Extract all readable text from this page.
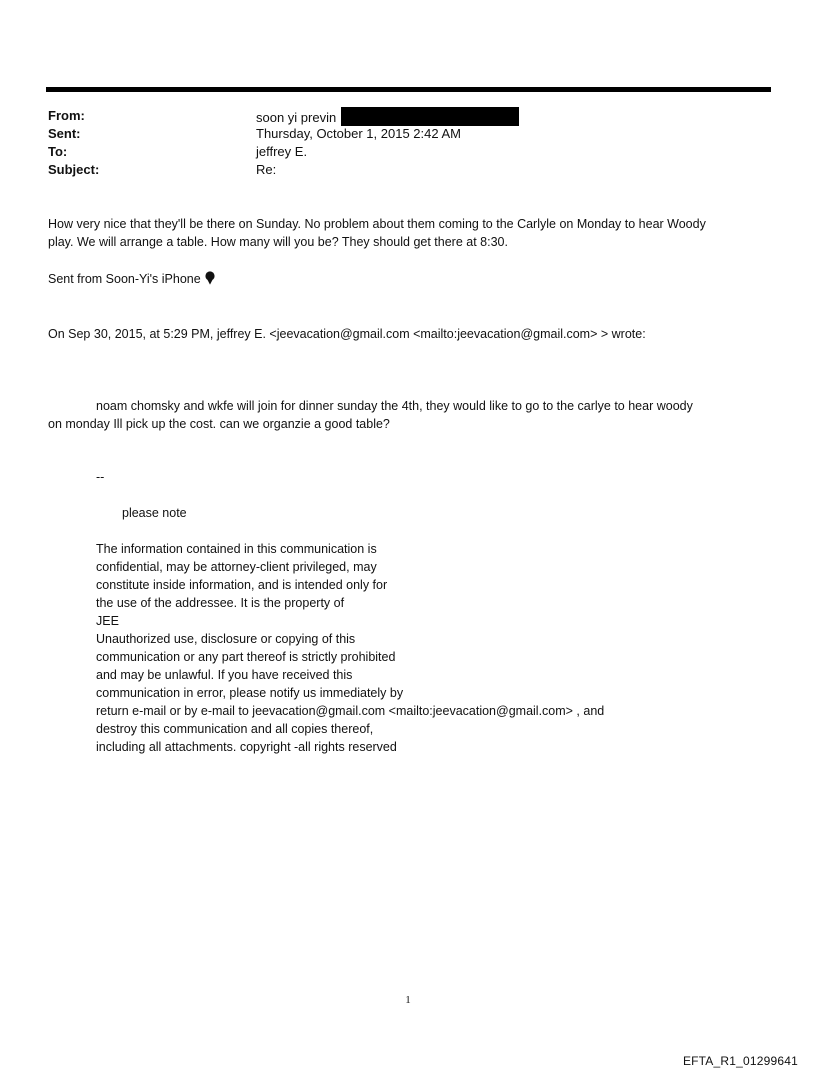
From:	soon yi previn
Sent:	Thursday, October 1, 2015 2:42 AM
To:	jeffrey E.
Subject:	Re:
How very nice that they'll be there on Sunday. No problem about them coming to the Carlyle on Monday to hear Woody
play. We will arrange a table. How many will you be? They should get there at 8:30.
Sent from Soon-Yi's iPhone
On Sep 30, 2015, at 5:29 PM, jeffrey E. <jeevacation@gmail.com <mailto:jeevacation@gmail.com> > wrote:
noam chomsky and wkfe will join for dinner sunday the 4th, they would like to go to the carlye to hear woody
on monday Ill pick up the cost. can we organzie a good table?
--
please note
The information contained in this communication is
confidential, may be attorney-client privileged, may
constitute inside information, and is intended only for
the use of the addressee. It is the property of
JEE
Unauthorized use, disclosure or copying of this
communication or any part thereof is strictly prohibited
and may be unlawful. If you have received this
communication in error, please notify us immediately by
return e-mail or by e-mail to jeevacation@gmail.com <mailto:jeevacation@gmail.com> , and
destroy this communication and all copies thereof,
including all attachments. copyright -all rights reserved
1
EFTA_R1_01299641
